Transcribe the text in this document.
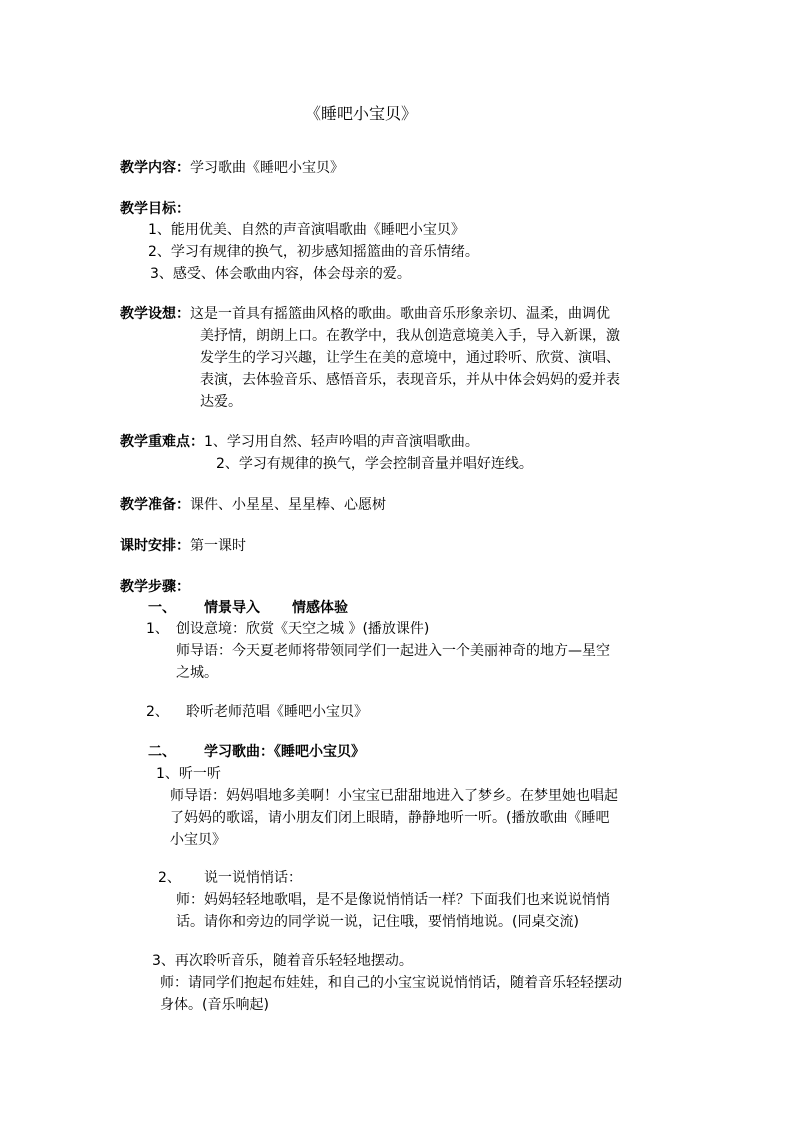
《睡吧小宝贝》
教学内容：学习歌曲《睡吧小宝贝》
教学目标：
1、能用优美、自然的声音演唱歌曲《睡吧小宝贝》
2、学习有规律的换气，初步感知摇篮曲的音乐情绪。
3、感受、体会歌曲内容，体会母亲的爱。
教学设想：这是一首具有摇篮曲风格的歌曲。歌曲音乐形象亲切、温柔，曲调优
美抒情，朗朗上口。在教学中，我从创造意境美入手，导入新课，激
发学生的学习兴趣，让学生在美的意境中，通过聆听、欣赏、演唱、
表演，去体验音乐、感悟音乐，表现音乐，并从中体会妈妈的爱并表
达爱。
教学重难点：1、学习用自然、轻声吟唱的声音演唱歌曲。
2、学习有规律的换气，学会控制音量并唱好连线。
教学准备：课件、小星星、星星棒、心愿树
课时安排：第一课时
教学步骤：
一、 情景导入 情感体验
1、 创设意境：欣赏《天空之城 》(播放课件)
师导语：今天夏老师将带领同学们一起进入一个美丽神奇的地方—星空
之城。
2、 聆听老师范唱《睡吧小宝贝》
二、 学习歌曲：《睡吧小宝贝》
1、听一听
师导语：妈妈唱地多美啊！小宝宝已甜甜地进入了梦乡。在梦里她也唱起
了妈妈的歌谣，请小朋友们闭上眼睛，静静地听一听。(播放歌曲《睡吧
小宝贝》
2、 说一说悄悄话：
师：妈妈轻轻地歌唱，是不是像说悄悄话一样？下面我们也来说说悄悄
话。请你和旁边的同学说一说，记住哦，要悄悄地说。(同桌交流)
3、再次聆听音乐，随着音乐轻轻地摆动。
师：请同学们抱起布娃娃，和自己的小宝宝说说悄悄话，随着音乐轻轻摆动
身体。(音乐响起)
